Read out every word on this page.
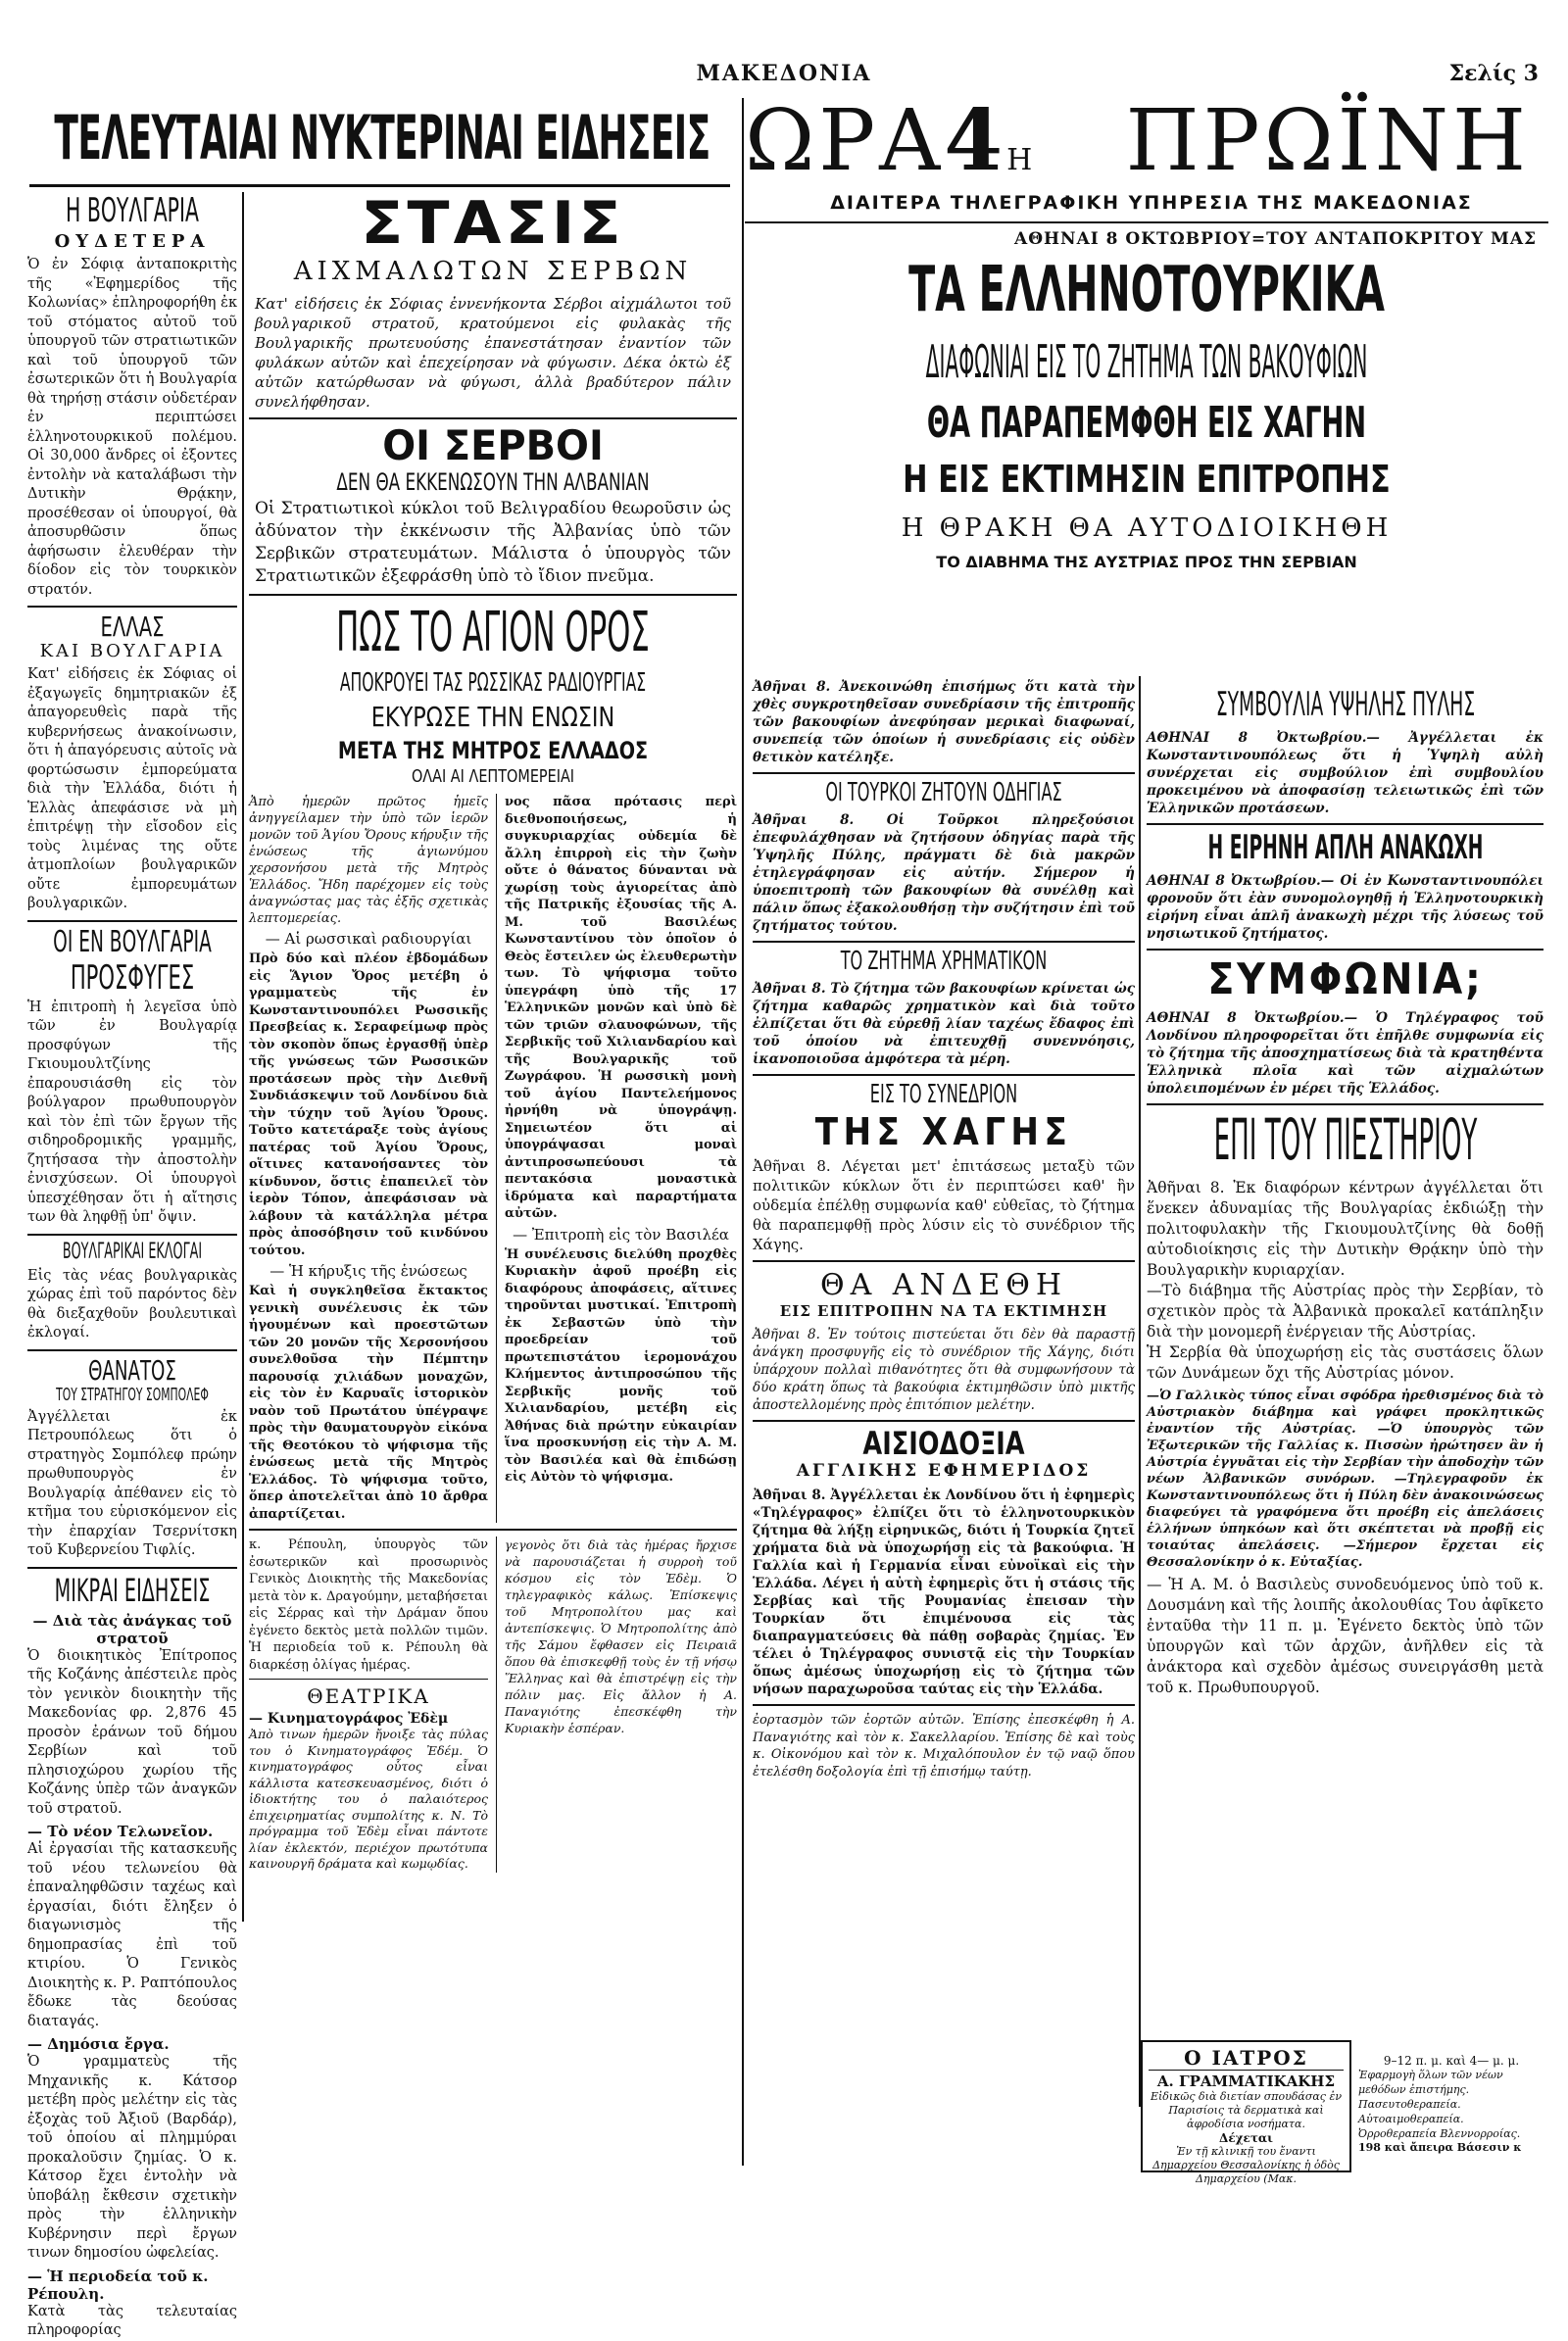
ΜΑΚΕΔΟΝΙΑ	Σελίς 3
ΤΕΛΕΥΤΑΙΑΙ ΝΥΚΤΕΡΙΝΑΙ ΕΙΔΗΣΕΙΣ ΩΡΑ4Η ΠΡΩΪΝΗ
ΔΙΑΙΤΕΡΑ ΤΗΛΕΓΡΑΦΙΚΗ ΥΠΗΡΕΣΙΑ ΤΗΣ ΜΑΚΕΔΟΝΙΑΣ
Η ΒΟΥΛΓΑΡΙΑ
ΟΥΔΕΤΕΡΑ
Ὁ ἐν Σόφιᾳ ἀνταποκριτὴς τῆς «Ἐφημερίδος τῆς Κολωνίας» ἐπληροφορήθη ἐκ τοῦ στόματος αὐτοῦ τοῦ ὑπουργοῦ τῶν στρατιωτικῶν καὶ τοῦ ὑπουργοῦ τῶν ἐσωτερικῶν ὅτι ἡ Βουλγαρία θὰ τηρήσῃ στάσιν οὐδετέραν ἐν περιπτώσει ἑλληνοτουρκικοῦ πολέμου. Οἱ 30,000 ἄνδρες οἱ ἐξοντες ἐντολὴν νὰ καταλάβωσι τὴν Δυτικὴν Θρᾴκην, προσέθεσαν οἱ ὑπουργοί, θὰ ἀποσυρθῶσιν ὅπως ἀφήσωσιν ἐλευθέραν τὴν δίοδον εἰς τὸν τουρκικὸν στρατόν.
ΕΛΛΑΣ
ΚΑΙ ΒΟΥΛΓΑΡΙΑ
Κατ' εἰδήσεις ἐκ Σόφιας οἱ ἐξαγωγεῖς δημητριακῶν ἐξ ἀπαγορευθεὶς παρὰ τῆς κυβερνήσεως ἀνακοίνωσιν, ὅτι ἡ ἀπαγόρευσις αὐτοῖς νὰ φορτώσωσιν ἐμπορεύματα διὰ τὴν Ἑλλάδα, διότι ἡ Ἑλλὰς ἀπεφάσισε νὰ μὴ ἐπιτρέψῃ τὴν εἴσοδον εἰς τοὺς λιμένας της οὔτε ἀτμοπλοίων βουλγαρικῶν οὔτε ἐμπορευμάτων βουλγαρικῶν.
ΟΙ ΕΝ ΒΟΥΛΓΑΡΙΑ
ΠΡΟΣΦΥΓΕΣ
Ἡ ἐπιτροπὴ ἡ λεγεῖσα ὑπὸ τῶν ἐν Βουλγαρίᾳ προσφύγων τῆς Γκιουμουλτζίνης ἐπαρουσιάσθη εἰς τὸν βούλγαρον πρωθυπουργὸν καὶ τὸν ἐπὶ τῶν ἔργων τῆς σιδηροδρομικῆς γραμμῆς, ζητήσασα τὴν ἀποστολὴν ἐνισχύσεων. Οἱ ὑπουργοὶ ὑπεσχέθησαν ὅτι ἡ αἴτησις των θὰ ληφθῇ ὑπ' ὄψιν.
ΒΟΥΛΓΑΡΙΚΑΙ ΕΚΛΟΓΑΙ
Εἰς τὰς νέας βουλγαρικὰς χώρας ἐπὶ τοῦ παρόντος δὲν θὰ διεξαχθοῦν βουλευτικαὶ ἐκλογαί.
ΘΑΝΑΤΟΣ
ΤΟΥ ΣΤΡΑΤΗΓΟΥ ΣΟΜΠΟΛΕΦ
Ἀγγέλλεται ἐκ Πετρουπόλεως ὅτι ὁ στρατηγὸς Σομπόλεφ πρώην πρωθυπουργὸς ἐν Βουλγαρίᾳ ἀπέθανεν εἰς τὸ κτῆμα του εὑρισκόμενον εἰς τὴν ἐπαρχίαν Τσερνίτσκη τοῦ Κυβερνείου Τιφλίς.
ΜΙΚΡΑΙ ΕΙΔΗΣΕΙΣ
— Διὰ τὰς ἀνάγκας τοῦ στρατοῦ
Ὁ διοικητικὸς Ἐπίτροπος τῆς Κοζάνης ἀπέστειλε πρὸς τὸν γενικὸν διοικητὴν τῆς Μακεδονίας φρ. 2,876 45 προσὸν ἐράνων τοῦ δήμου Σερβίων καὶ τοῦ πλησιοχώρου χωρίου τῆς Κοζάνης ὑπὲρ τῶν ἀναγκῶν τοῦ στρατοῦ.
— Τὸ νέον Τελωνεῖον.
Αἱ ἐργασίαι τῆς κατασκευῆς τοῦ νέου τελωνείου θὰ ἐπαναληφθῶσιν ταχέως καὶ ἐργασίαι, διότι ἔληξεν ὁ διαγωνισμὸς τῆς δημοπρασίας ἐπὶ τοῦ κτιρίου. Ὁ Γενικὸς Διοικητὴς κ. Ρ. Ραπτόπουλος ἔδωκε τὰς δεούσας διαταγάς.
— Δημόσια ἔργα.
Ὁ γραμματεὺς τῆς Μηχανικῆς κ. Κάτσορ μετέβη πρὸς μελέτην εἰς τὰς ἐξοχὰς τοῦ Ἀξιοῦ (Βαρδάρ), τοῦ ὁποίου αἱ πλημμύραι προκαλοῦσιν ζημίας. Ὁ κ. Κάτσορ ἔχει ἐντολὴν νὰ ὑποβάλῃ ἔκθεσιν σχετικὴν πρὸς τὴν ἑλληνικὴν Κυβέρνησιν περὶ ἔργων τινων δημοσίου ὠφελείας.
— Ἡ περιοδεία τοῦ κ. Ρέπουλη.
Κατὰ τὰς τελευταίας πληροφορίας
ΣΤΑΣΙΣ
ΑΙΧΜΑΛΩΤΩΝ ΣΕΡΒΩΝ
Κατ' εἰδήσεις ἐκ Σόφιας ἐννενήκοντα Σέρβοι αἰχμάλωτοι τοῦ βουλγαρικοῦ στρατοῦ, κρατούμενοι εἰς φυλακὰς τῆς Βουλγαρικῆς πρωτευούσης ἐπανεστάτησαν ἐναντίον τῶν φυλάκων αὐτῶν καὶ ἐπεχείρησαν νὰ φύγωσιν. Δέκα ὀκτὼ ἐξ αὐτῶν κατώρθωσαν νὰ φύγωσι, ἀλλὰ βραδύτερον πάλιν συνελήφθησαν.
ΟΙ ΣΕΡΒΟΙ
ΔΕΝ ΘΑ ΕΚΚΕΝΩΣΟΥΝ ΤΗΝ ΑΛΒΑΝΙΑΝ
Οἱ Στρατιωτικοὶ κύκλοι τοῦ Βελιγραδίου θεωροῦσιν ὡς ἀδύνατον τὴν ἐκκένωσιν τῆς Ἀλβανίας ὑπὸ τῶν Σερβικῶν στρατευμάτων. Μάλιστα ὁ ὑπουργὸς τῶν Στρατιωτικῶν ἐξεφράσθη ὑπὸ τὸ ἴδιον πνεῦμα.
ΠΩΣ ΤΟ ΑΓΙΟΝ ΟΡΟΣ
ΑΠΟΚΡΟΥΕΙ ΤΑΣ ΡΩΣΣΙΚΑΣ ΡΑΔΙΟΥΡΓΙΑΣ
ΕΚΥΡΩΣΕ ΤΗΝ ΕΝΩΣΙΝ
ΜΕΤΑ ΤΗΣ ΜΗΤΡΟΣ ΕΛΛΑΔΟΣ
ΟΛΑΙ ΑΙ ΛΕΠΤΟΜΕΡΕΙΑΙ
Ἀπὸ ἡμερῶν πρῶτος ἡμεῖς ἀνηγγείλαμεν τὴν ὑπὸ τῶν ἱερῶν μονῶν τοῦ Ἁγίου Ὄρους κήρυξιν τῆς ἑνώσεως τῆς ἀγιωνύμου χερσονήσου μετὰ τῆς Μητρὸς Ἑλλάδος. Ἤδη παρέχομεν εἰς τοὺς ἀναγνώστας μας τὰς ἐξῆς σχετικὰς λεπτομερείας.
— Αἱ ρωσσικαὶ ραδιουργίαι
Πρὸ δύο καὶ πλέον ἑβδομάδων εἰς Ἅγιον Ὄρος μετέβη ὁ γραμματεὺς τῆς ἐν Κωνσταντινουπόλει Ρωσσικῆς Πρεσβείας κ. Σεραφείμωφ πρὸς τὸν σκοπὸν ὅπως ἐργασθῇ ὑπὲρ τῆς γνώσεως τῶν Ρωσσικῶν προτάσεων πρὸς τὴν Διεθνῆ Συνδιάσκεψιν τοῦ Λονδίνου διὰ τὴν τύχην τοῦ Ἁγίου Ὄρους. Τοῦτο κατετάραξε τοὺς ἁγίους πατέρας τοῦ Ἁγίου Ὄρους, οἵτινες κατανοήσαντες τὸν κίνδυνον, ὅστις ἐπαπειλεῖ τὸν ἱερὸν Τόπον, ἀπεφάσισαν νὰ λάβουν τὰ κατάλληλα μέτρα πρὸς ἀποσόβησιν τοῦ κινδύνου τούτου.
— Ἡ κήρυξις τῆς ἑνώσεως
Καὶ ἡ συγκληθεῖσα ἔκτακτος γενικὴ συνέλευσις ἐκ τῶν ἡγουμένων καὶ προεστῶτων τῶν 20 μονῶν τῆς Χερσονήσου συνελθοῦσα τὴν Πέμπτην παρουσίᾳ χιλιάδων μοναχῶν, εἰς τὸν ἐν Καρυαῖς ἱστορικὸν ναὸν τοῦ Πρωτάτου ὑπέγραψε πρὸς τὴν θαυματουργὸν εἰκόνα τῆς Θεοτόκου τὸ ψήφισμα τῆς ἑνώσεως μετὰ τῆς Μητρὸς Ἑλλάδος. Τὸ ψήφισμα τοῦτο, ὅπερ ἀποτελεῖται ἀπὸ 10 ἄρθρα ἀπαρτίζεται.
νος πᾶσα πρότασις περὶ διεθνοποιήσεως, ἡ συγκυριαρχίας οὐδεμία δὲ ἄλλη ἐπιρροὴ εἰς τὴν ζωὴν οὔτε ὁ θάνατος δύνανται νὰ χωρίσῃ τοὺς ἁγιορείτας ἀπὸ τῆς Πατρικῆς ἐξουσίας τῆς Α. Μ. τοῦ Βασιλέως Κωνσταντίνου τὸν ὁποῖον ὁ Θεὸς ἔστειλεν ὡς ἐλευθερωτὴν των. Τὸ ψήφισμα τοῦτο ὑπεγράφη ὑπὸ τῆς 17 Ἑλληνικῶν μονῶν καὶ ὑπὸ δὲ τῶν τριῶν σλαυοφώνων, τῆς Σερβικῆς τοῦ Χιλιανδαρίου καὶ τῆς Βουλγαρικῆς τοῦ Ζωγράφου. Ἡ ρωσσικὴ μονὴ τοῦ ἁγίου Παντελεήμονος ἠρνήθη νὰ ὑπογράψῃ. Σημειωτέον ὅτι αἱ ὑπογράψασαι μοναὶ ἀντιπροσωπεύουσι τὰ πεντακόσια μοναστικὰ ἱδρύματα καὶ παραρτήματα αὐτῶν.
— Ἐπιτροπὴ εἰς τὸν Βασιλέα
Ἡ συνέλευσις διελύθη προχθὲς Κυριακὴν ἀφοῦ προέβη εἰς διαφόρους ἀποφάσεις, αἵτινες τηροῦνται μυστικαί. Ἐπιτροπὴ ἐκ Σεβαστῶν ὑπὸ τὴν προεδρείαν τοῦ πρωτεπιστάτου ἱερομονάχου Κλήμεντος ἀντιπροσώπου τῆς Σερβικῆς μονῆς τοῦ Χιλιανδαρίου, μετέβη εἰς Ἀθήνας διὰ πρώτην εὐκαιρίαν ἵνα προσκυνήσῃ εἰς τὴν Α. Μ. τὸν Βασιλέα καὶ θὰ ἐπιδώσῃ εἰς Αὐτὸν τὸ ψήφισμα.
κ. Ρέπουλη, ὑπουργὸς τῶν ἐσωτερικῶν καὶ προσωρινὸς Γενικὸς Διοικητὴς τῆς Μακεδονίας μετὰ τὸν κ. Δραγούμην, μεταβήσεται εἰς Σέρρας καὶ τὴν Δράμαν ὅπου ἐγένετο δεκτὸς μετὰ πολλῶν τιμῶν. Ἡ περιοδεία τοῦ κ. Ρέπουλη θὰ διαρκέσῃ ὀλίγας ἡμέρας.
ΘΕΑΤΡΙΚΑ
— Κινηματογράφος Ἐδὲμ
Ἀπὸ τινων ἡμερῶν ἤνοιξε τὰς πύλας του ὁ Κινηματογράφος Ἐδέμ. Ὁ κινηματογράφος οὗτος εἶναι κάλλιστα κατεσκευασμένος, διότι ὁ ἰδιοκτήτης του ὁ παλαιότερος ἐπιχειρηματίας συμπολίτης κ. Ν. Τὸ πρόγραμμα τοῦ Ἐδὲμ εἶναι πάντοτε λίαν ἐκλεκτόν, περιέχον πρωτότυπα καινουργῆ δράματα καὶ κωμῳδίας.
γεγονὸς ὅτι διὰ τὰς ἡμέρας ἤρχισε νὰ παρουσιάζεται ἡ συρροὴ τοῦ κόσμου εἰς τὸν Ἐδὲμ. Ὁ τηλεγραφικὸς κάλως. Ἐπίσκεψις τοῦ Μητροπολίτου μας καὶ ἀντεπίσκεψις. Ὁ Μητροπολίτης ἀπὸ τῆς Σάμου ἔφθασεν εἰς Πειραιᾶ ὅπου θὰ ἐπισκεφθῇ τοὺς ἐν τῇ νήσῳ Ἕλληνας καὶ θὰ ἐπιστρέψῃ εἰς τὴν πόλιν μας. Εἰς ἄλλον ἡ Α. Παναγιότης ἐπεσκέφθη τὴν Κυριακὴν ἑσπέραν.
ΑΘΗΝΑΙ 8 ΟΚΤΩΒΡΙΟΥ=ΤΟΥ ΑΝΤΑΠΟΚΡΙΤΟΥ ΜΑΣ
ΤΑ ΕΛΛΗΝΟΤΟΥΡΚΙΚΑ
ΔΙΑΦΩΝΙΑΙ ΕΙΣ ΤΟ ΖΗΤΗΜΑ ΤΩΝ ΒΑΚΟΥΦΙΩΝ
ΘΑ ΠΑΡΑΠΕΜΦΘΗ ΕΙΣ ΧΑΓΗΝ
Η ΕΙΣ ΕΚΤΙΜΗΣΙΝ ΕΠΙΤΡΟΠΗΣ
Η ΘΡΑΚΗ ΘΑ ΑΥΤΟΔΙΟΙΚΗΘΗ
ΤΟ ΔΙΑΒΗΜΑ ΤΗΣ ΑΥΣΤΡΙΑΣ ΠΡΟΣ ΤΗΝ ΣΕΡΒΙΑΝ
Ἀθῆναι 8. Ἀνεκοινώθη ἐπισήμως ὅτι κατὰ τὴν χθὲς συγκροτηθεῖσαν συνεδρίασιν τῆς ἐπιτροπῆς τῶν βακουφίων ἀνεφύησαν μερικαὶ διαφωναί, συνεπείᾳ τῶν ὁποίων ἡ συνεδρίασις εἰς οὐδὲν θετικὸν κατέληξε.
ΟΙ ΤΟΥΡΚΟΙ ΖΗΤΟΥΝ ΟΔΗΓΙΑΣ
Ἀθῆναι 8. Οἱ Τοῦρκοι πληρεξούσιοι ἐπεφυλάχθησαν νὰ ζητήσουν ὁδηγίας παρὰ τῆς Ὑψηλῆς Πύλης, πράγματι δὲ διὰ μακρῶν ἐτηλεγράφησαν εἰς αὐτήν. Σήμερον ἡ ὑποεπιτροπὴ τῶν βακουφίων θὰ συνέλθῃ καὶ πάλιν ὅπως ἐξακολουθήσῃ τὴν συζήτησιν ἐπὶ τοῦ ζητήματος τούτου.
ΤΟ ΖΗΤΗΜΑ ΧΡΗΜΑΤΙΚΟΝ
Ἀθῆναι 8. Τὸ ζήτημα τῶν βακουφίων κρίνεται ὡς ζήτημα καθαρῶς χρηματικὸν καὶ διὰ τοῦτο ἐλπίζεται ὅτι θὰ εὑρεθῇ λίαν ταχέως ἔδαφος ἐπὶ τοῦ ὁποίου νὰ ἐπιτευχθῇ συνεννόησις, ἱκανοποιοῦσα ἀμφότερα τὰ μέρη.
ΕΙΣ ΤΟ ΣΥΝΕΔΡΙΟΝ
ΤΗΣ ΧΑΓΗΣ
Ἀθῆναι 8. Λέγεται μετ' ἐπιτάσεως μεταξὺ τῶν πολιτικῶν κύκλων ὅτι ἐν περιπτώσει καθ' ἣν οὐδεμία ἐπέλθῃ συμφωνία καθ' εὐθεῖας, τὸ ζήτημα θὰ παραπεμφθῇ πρὸς λύσιν εἰς τὸ συνέδριον τῆς Χάγης.
ΘΑ ΑΝΔΕΘΗ
ΕΙΣ ΕΠΙΤΡΟΠΗΝ ΝΑ ΤΑ ΕΚΤΙΜΗΣΗ
Ἀθῆναι 8. Ἐν τούτοις πιστεύεται ὅτι δὲν θὰ παραστῇ ἀνάγκη προσφυγῆς εἰς τὸ συνέδριον τῆς Χάγης, διότι ὑπάρχουν πολλαὶ πιθανότητες ὅτι θὰ συμφωνήσουν τὰ δύο κράτη ὅπως τὰ βακούφια ἐκτιμηθῶσιν ὑπὸ μικτῆς ἀποστελλομένης πρὸς ἐπιτόπιον μελέτην.
ΑΙΣΙΟΔΟΞΙΑ
ΑΓΓΛΙΚΗΣ ΕΦΗΜΕΡΙΔΟΣ
Ἀθῆναι 8. Ἀγγέλλεται ἐκ Λονδίνου ὅτι ἡ ἐφημερὶς «Τηλέγραφος» ἐλπίζει ὅτι τὸ ἑλληνοτουρκικὸν ζήτημα θὰ λήξῃ εἰρηνικῶς, διότι ἡ Τουρκία ζητεῖ χρήματα διὰ νὰ ὑποχωρήσῃ εἰς τὰ βακούφια. Ἡ Γαλλία καὶ ἡ Γερμανία εἶναι εὐνοϊκαὶ εἰς τὴν Ἑλλάδα. Λέγει ἡ αὐτὴ ἐφημερὶς ὅτι ἡ στάσις τῆς Σερβίας καὶ τῆς Ρουμανίας ἐπεισαν τὴν Τουρκίαν ὅτι ἐπιμένουσα εἰς τὰς διαπραγματεύσεις θὰ πάθῃ σοβαρὰς ζημίας. Ἐν τέλει ὁ Τηλέγραφος συνιστᾷ εἰς τὴν Τουρκίαν ὅπως ἀμέσως ὑποχωρήσῃ εἰς τὸ ζήτημα τῶν νήσων παραχωροῦσα ταύτας εἰς τὴν Ἑλλάδα.
ἐορτασμὸν τῶν ἐορτῶν αὐτῶν. Ἐπίσης ἐπεσκέφθη ἡ Α. Παναγιότης καὶ τὸν κ. Σακελλαρίου. Ἐπίσης δὲ καὶ τοὺς κ. Οἰκονόμου καὶ τὸν κ. Μιχαλόπουλον ἐν τῷ ναῷ ὅπου ἐτελέσθη δοξολογία ἐπὶ τῇ ἐπισήμῳ ταύτῃ.
ΣΥΜΒΟΥΛΙΑ ΥΨΗΛΗΣ ΠΥΛΗΣ
ΑΘΗΝΑΙ 8 Ὀκτωβρίου.— Ἀγγέλλεται ἐκ Κωνσταντινουπόλεως ὅτι ἡ Ὑψηλὴ αὐλὴ συνέρχεται εἰς συμβούλιον ἐπὶ συμβουλίου προκειμένου νὰ ἀποφασίσῃ τελειωτικῶς ἐπὶ τῶν Ἑλληνικῶν προτάσεων.
Η ΕΙΡΗΝΗ ΑΠΛΗ ΑΝΑΚΩΧΗ
ΑΘΗΝΑΙ 8 Ὀκτωβρίου.— Οἱ ἐν Κωνσταντινουπόλει φρονοῦν ὅτι ἐὰν συνομολογηθῇ ἡ Ἑλληνοτουρκικὴ εἰρήνη εἶναι ἁπλῆ ἀνακωχὴ μέχρι τῆς λύσεως τοῦ νησιωτικοῦ ζητήματος.
ΣΥΜΦΩΝΙΑ;
ΑΘΗΝΑΙ 8 Ὀκτωβρίου.— Ὁ Τηλέγραφος τοῦ Λονδίνου πληροφορεῖται ὅτι ἐπῆλθε συμφωνία εἰς τὸ ζήτημα τῆς ἀποσχηματίσεως διὰ τὰ κρατηθέντα Ἑλληνικὰ πλοῖα καὶ τῶν αἰχμαλώτων ὑπολειπομένων ἐν μέρει τῆς Ἑλλάδος.
ΕΠΙ ΤΟΥ ΠΙΕΣΤΗΡΙΟΥ
Ἀθῆναι 8. Ἐκ διαφόρων κέντρων ἀγγέλλεται ὅτι ἕνεκεν ἀδυναμίας τῆς Βουλγαρίας ἐκδιώξῃ τὴν πολιτοφυλακὴν τῆς Γκιουμουλτζίνης θὰ δοθῇ αὐτοδιοίκησις εἰς τὴν Δυτικὴν Θρᾴκην ὑπὸ τὴν Βουλγαρικὴν κυριαρχίαν.
—Τὸ διάβημα τῆς Αὐστρίας πρὸς τὴν Σερβίαν, τὸ σχετικὸν πρὸς τὰ Ἀλβανικὰ προκαλεῖ κατάπληξιν διὰ τὴν μονομερῆ ἐνέργειαν τῆς Αὐστρίας.
Ἡ Σερβία θὰ ὑποχωρήσῃ εἰς τὰς συστάσεις ὅλων τῶν Δυνάμεων ὄχι τῆς Αὐστρίας μόνον.
—Ὁ Γαλλικὸς τύπος εἶναι σφόδρα ἠρεθισμένος διὰ τὸ Αὐστριακὸν διάβημα καὶ γράφει προκλητικῶς ἐναντίον τῆς Αὐστρίας. —Ὁ ὑπουργὸς τῶν Ἐξωτερικῶν τῆς Γαλλίας κ. Πισσὼν ἠρώτησεν ἂν ἡ Αὐστρία ἐγγυᾶται εἰς τὴν Σερβίαν τὴν ἀποδοχὴν τῶν νέων Ἀλβανικῶν συνόρων. —Τηλεγραφοῦν ἐκ Κωνσταντινουπόλεως ὅτι ἡ Πύλη δὲν ἀνακοινώσεως διαφεύγει τὰ γραφόμενα ὅτι προέβη εἰς ἀπελάσεις ἑλλήνων ὑπηκόων καὶ ὅτι σκέπτεται νὰ προβῇ εἰς τοιαύτας ἀπελάσεις. —Σήμερον ἔρχεται εἰς Θεσσαλονίκην ὁ κ. Εὐταξίας.
— Ἡ Α. Μ. ὁ Βασιλεὺς συνοδευόμενος ὑπὸ τοῦ κ. Δουσμάνη καὶ τῆς λοιπῆς ἀκολουθίας Του ἀφῖκετο ἐνταῦθα τὴν 11 π. μ. Ἐγένετο δεκτὸς ὑπὸ τῶν ὑπουργῶν καὶ τῶν ἀρχῶν, ἀνῆλθεν εἰς τὰ ἀνάκτορα καὶ σχεδὸν ἀμέσως συνειργάσθη μετὰ τοῦ κ. Πρωθυπουργοῦ.
Ο ΙΑΤΡΟΣ
Α. ΓΡΑΜΜΑΤΙΚΑΚΗΣ
Εἰδικῶς διὰ διετίαν σπουδάσας ἐν Παρισίοις τὰ δερματικὰ καὶ ἀφροδίσια νοσήματα.
Δέχεται
Ἐν τῇ κλινικῇ του ἔναντι Δημαρχείου Θεσσαλονίκης ἡ ὁδὸς Δημαρχείου (Μακ.
9–12 π. μ. καὶ 4— μ. μ.
Ἐφαρμογὴ ὅλων τῶν νέων μεθόδων ἐπιστήμης. Πασευτοθεραπεία. Αὐτοαιμοθεραπεία. Ὀρροθεραπεία Βλεννορροίας.
198 καὶ ἄπειρα Βάσεσιν κ
